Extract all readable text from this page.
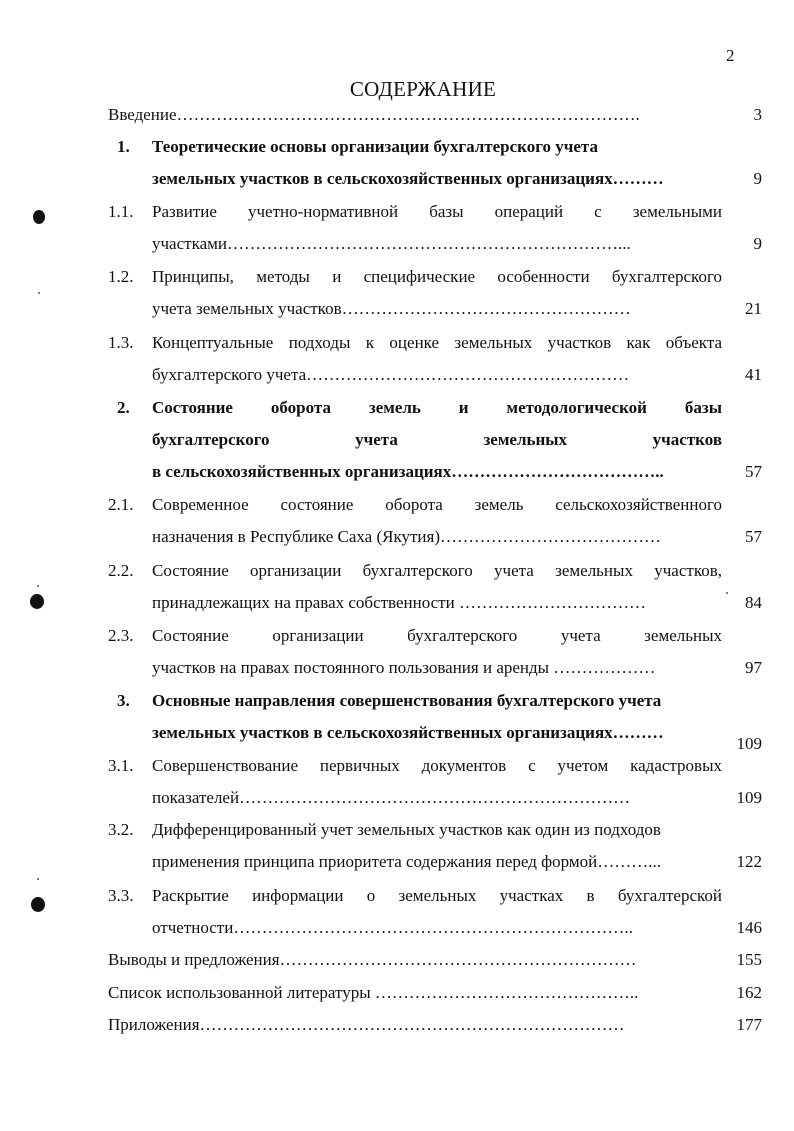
2
СОДЕРЖАНИЕ
Введение……………………………………………………………………….	3
1. Теоретические основы организации бухгалтерского учета
земельных участков в сельскохозяйственных организациях………	9
1.1. Развитие учетно-нормативной базы операций с земельными
участками……………………………………………………………...	9
1.2. Принципы, методы и специфические особенности бухгалтерского
учета земельных участков……………………………………………	21
1.3. Концептуальные подходы к оценке земельных участков как объекта
бухгалтерского учета…………………………………………………	41
2. Состояние оборота земель и методологической базы
бухгалтерского учета земельных участков
в сельскохозяйственных организациях………………………………..	57
2.1. Современное состояние оборота земель сельскохозяйственного
назначения в Республике Саха (Якутия)…………………………………	57
2.2. Состояние организации бухгалтерского учета земельных участков,
принадлежащих на правах собственности ……………………………	84
2.3. Состояние организации бухгалтерского учета земельных
участков на правах постоянного пользования и аренды ………………	97
3. Основные направления совершенствования бухгалтерского учета
земельных участков в сельскохозяйственных организациях………
109
3.1. Совершенствование первичных документов с учетом кадастровых
показателей……………………………………………………………	109
3.2. Дифференцированный учет земельных участков как один из подходов
применения принципа приоритета содержания перед формой………...	122
3.3. Раскрытие информации о земельных участках в бухгалтерской
отчетности……………………………………………………………..	146
Выводы и предложения………………………………………………………	155
Список использованной литературы ………………………………………..	162
Приложения…………………………………………………………………	177
